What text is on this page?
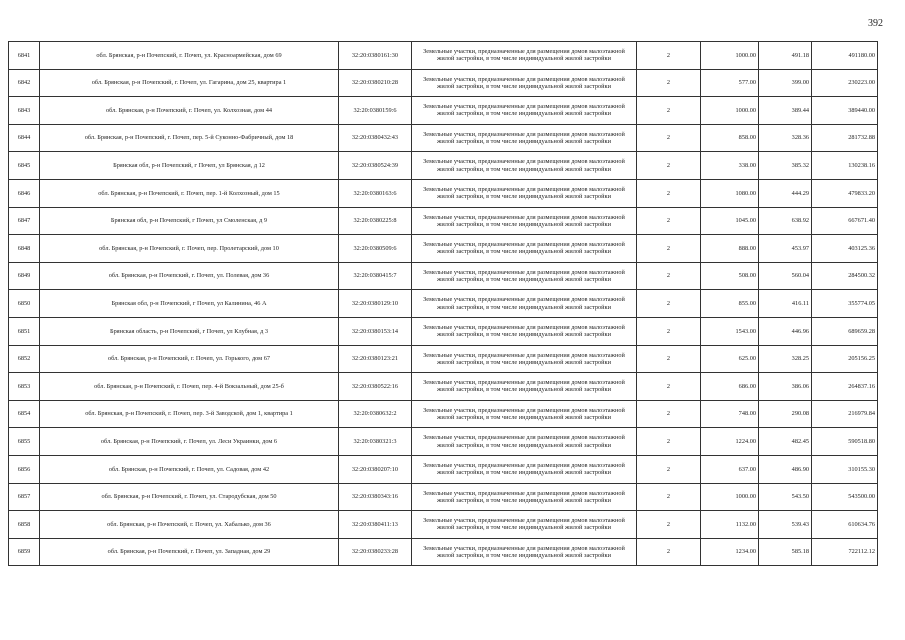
392
6841	обл. Брянская, р-н Почепский, г. Почеп, ул. Красноармейская, дом 69	32:20:0380161:30	Земельные участки, предназначенные для размещения домов малоэтажной жилой застройки, в том числе индивидуальной жилой застройки	2	1000.00	491.18	491180.00
6842	обл. Брянская, р-н Почепский, г. Почеп, ул. Гагарина, дом 25, квартира 1	32:20:0380210:28	Земельные участки, предназначенные для размещения домов малоэтажной жилой застройки, в том числе индивидуальной жилой застройки	2	577.00	399.00	230223.00
6843	обл. Брянская, р-н Почепский, г. Почеп, ул. Колхозная, дом 44	32:20:0380159:6	Земельные участки, предназначенные для размещения домов малоэтажной жилой застройки, в том числе индивидуальной жилой застройки	2	1000.00	389.44	389440.00
6844	обл. Брянская, р-н Почепский, г. Почеп, пер. 5-й Суконно-Фабричный, дом 18	32:20:0380432:43	Земельные участки, предназначенные для размещения домов малоэтажной жилой застройки, в том числе индивидуальной жилой застройки	2	858.00	328.36	281732.88
6845	Брянская обл, р-н Почепский, г Почеп, ул Брянская, д 12	32:20:0380524:39	Земельные участки, предназначенные для размещения домов малоэтажной жилой застройки, в том числе индивидуальной жилой застройки	2	338.00	385.32	130238.16
6846	обл. Брянская, р-н Почепский, г. Почеп, пер. 1-й Колхозный, дом 15	32:20:0380163:6	Земельные участки, предназначенные для размещения домов малоэтажной жилой застройки, в том числе индивидуальной жилой застройки	2	1080.00	444.29	479833.20
6847	Брянская обл, р-н Почепский, г Почеп, ул Смоленская, д 9	32:20:0380225:8	Земельные участки, предназначенные для размещения домов малоэтажной жилой застройки, в том числе индивидуальной жилой застройки	2	1045.00	638.92	667671.40
6848	обл. Брянская, р-н Почепский, г. Почеп, пер. Пролетарский, дом 10	32:20:0380509:6	Земельные участки, предназначенные для размещения домов малоэтажной жилой застройки, в том числе индивидуальной жилой застройки	2	888.00	453.97	403125.36
6849	обл. Брянская, р-н Почепский, г. Почеп, ул. Полевая, дом 36	32:20:0380415:7	Земельные участки, предназначенные для размещения домов малоэтажной жилой застройки, в том числе индивидуальной жилой застройки	2	508.00	560.04	284500.32
6850	Брянская обл, р-н Почепский, г Почеп, ул Калинина, 46 А	32:20:0380129:10	Земельные участки, предназначенные для размещения домов малоэтажной жилой застройки, в том числе индивидуальной жилой застройки	2	855.00	416.11	355774.05
6851	Брянская область, р-н Почепский, г Почеп, ул Клубная, д 3	32:20:0380153:14	Земельные участки, предназначенные для размещения домов малоэтажной жилой застройки, в том числе индивидуальной жилой застройки	2	1543.00	446.96	689659.28
6852	обл. Брянская, р-н Почепский, г. Почеп, ул. Горького, дом 67	32:20:0380123:21	Земельные участки, предназначенные для размещения домов малоэтажной жилой застройки, в том числе индивидуальной жилой застройки	2	625.00	328.25	205156.25
6853	обл. Брянская, р-н Почепский, г. Почеп, пер. 4-й Вокзальный, дом 25-б	32:20:0380522:16	Земельные участки, предназначенные для размещения домов малоэтажной жилой застройки, в том числе индивидуальной жилой застройки	2	686.00	386.06	264837.16
6854	обл. Брянская, р-н Почепский, г. Почеп, пер. 3-й Заводской, дом 1, квартира 1	32:20:0380632:2	Земельные участки, предназначенные для размещения домов малоэтажной жилой застройки, в том числе индивидуальной жилой застройки	2	748.00	290.08	216979.84
6855	обл. Брянская, р-н Почепский, г. Почеп, ул. Леси Украинки, дом 6	32:20:0380321:3	Земельные участки, предназначенные для размещения домов малоэтажной жилой застройки, в том числе индивидуальной жилой застройки	2	1224.00	482.45	590518.80
6856	обл. Брянская, р-н Почепский, г. Почеп, ул. Садовая, дом 42	32:20:0380207:10	Земельные участки, предназначенные для размещения домов малоэтажной жилой застройки, в том числе индивидуальной жилой застройки	2	637.00	486.90	310155.30
6857	обл. Брянская, р-н Почепский, г. Почеп, ул. Стародубская, дом 50	32:20:0380343:16	Земельные участки, предназначенные для размещения домов малоэтажной жилой застройки, в том числе индивидуальной жилой застройки	2	1000.00	543.50	543500.00
6858	обл. Брянская, р-н Почепский, г. Почеп, ул. Хабалько, дом 36	32:20:0380411:13	Земельные участки, предназначенные для размещения домов малоэтажной жилой застройки, в том числе индивидуальной жилой застройки	2	1132.00	539.43	610634.76
6859	обл. Брянская, р-н Почепский, г. Почеп, ул. Западная, дом 29	32:20:0380233:28	Земельные участки, предназначенные для размещения домов малоэтажной жилой застройки, в том числе индивидуальной жилой застройки	2	1234.00	585.18	722112.12
